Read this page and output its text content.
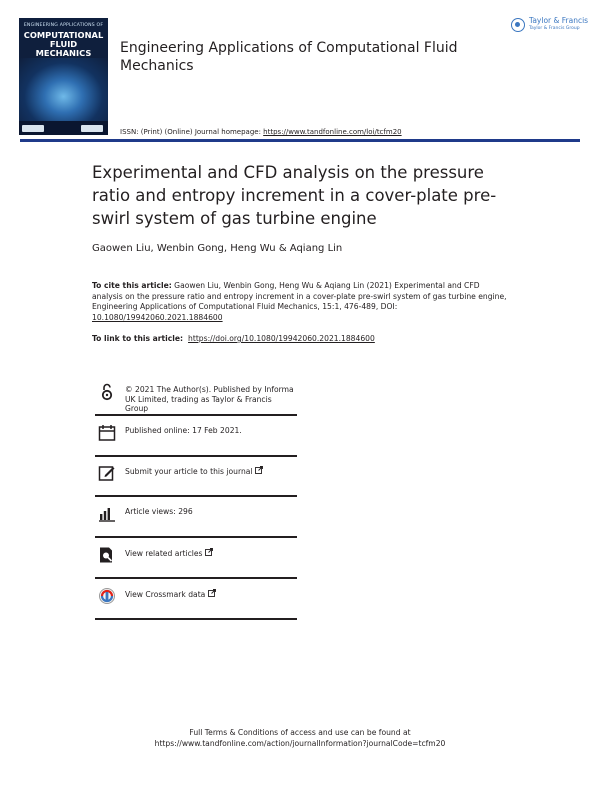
ENGINEERING APPLICATIONS OF
COMPUTATIONAL FLUID MECHANICS	Engineering Applications of Computational Fluid Mechanics
Taylor & Francis
Taylor & Francis Group
ISSN: (Print) (Online) Journal homepage: https://www.tandfonline.com/loi/tcfm20
Experimental and CFD analysis on the pressure ratio and entropy increment in a cover-plate pre-swirl system of gas turbine engine
Gaowen Liu, Wenbin Gong, Heng Wu & Aqiang Lin
To cite this article: Gaowen Liu, Wenbin Gong, Heng Wu & Aqiang Lin (2021) Experimental and CFD analysis on the pressure ratio and entropy increment in a cover-plate pre-swirl system of gas turbine engine, Engineering Applications of Computational Fluid Mechanics, 15:1, 476-489, DOI: 10.1080/19942060.2021.1884600
To link to this article: https://doi.org/10.1080/19942060.2021.1884600
© 2021 The Author(s). Published by Informa UK Limited, trading as Taylor & Francis Group
Published online: 17 Feb 2021.
Submit your article to this journal
Article views: 296
View related articles
View Crossmark data
Full Terms & Conditions of access and use can be found at
https://www.tandfonline.com/action/journalInformation?journalCode=tcfm20
